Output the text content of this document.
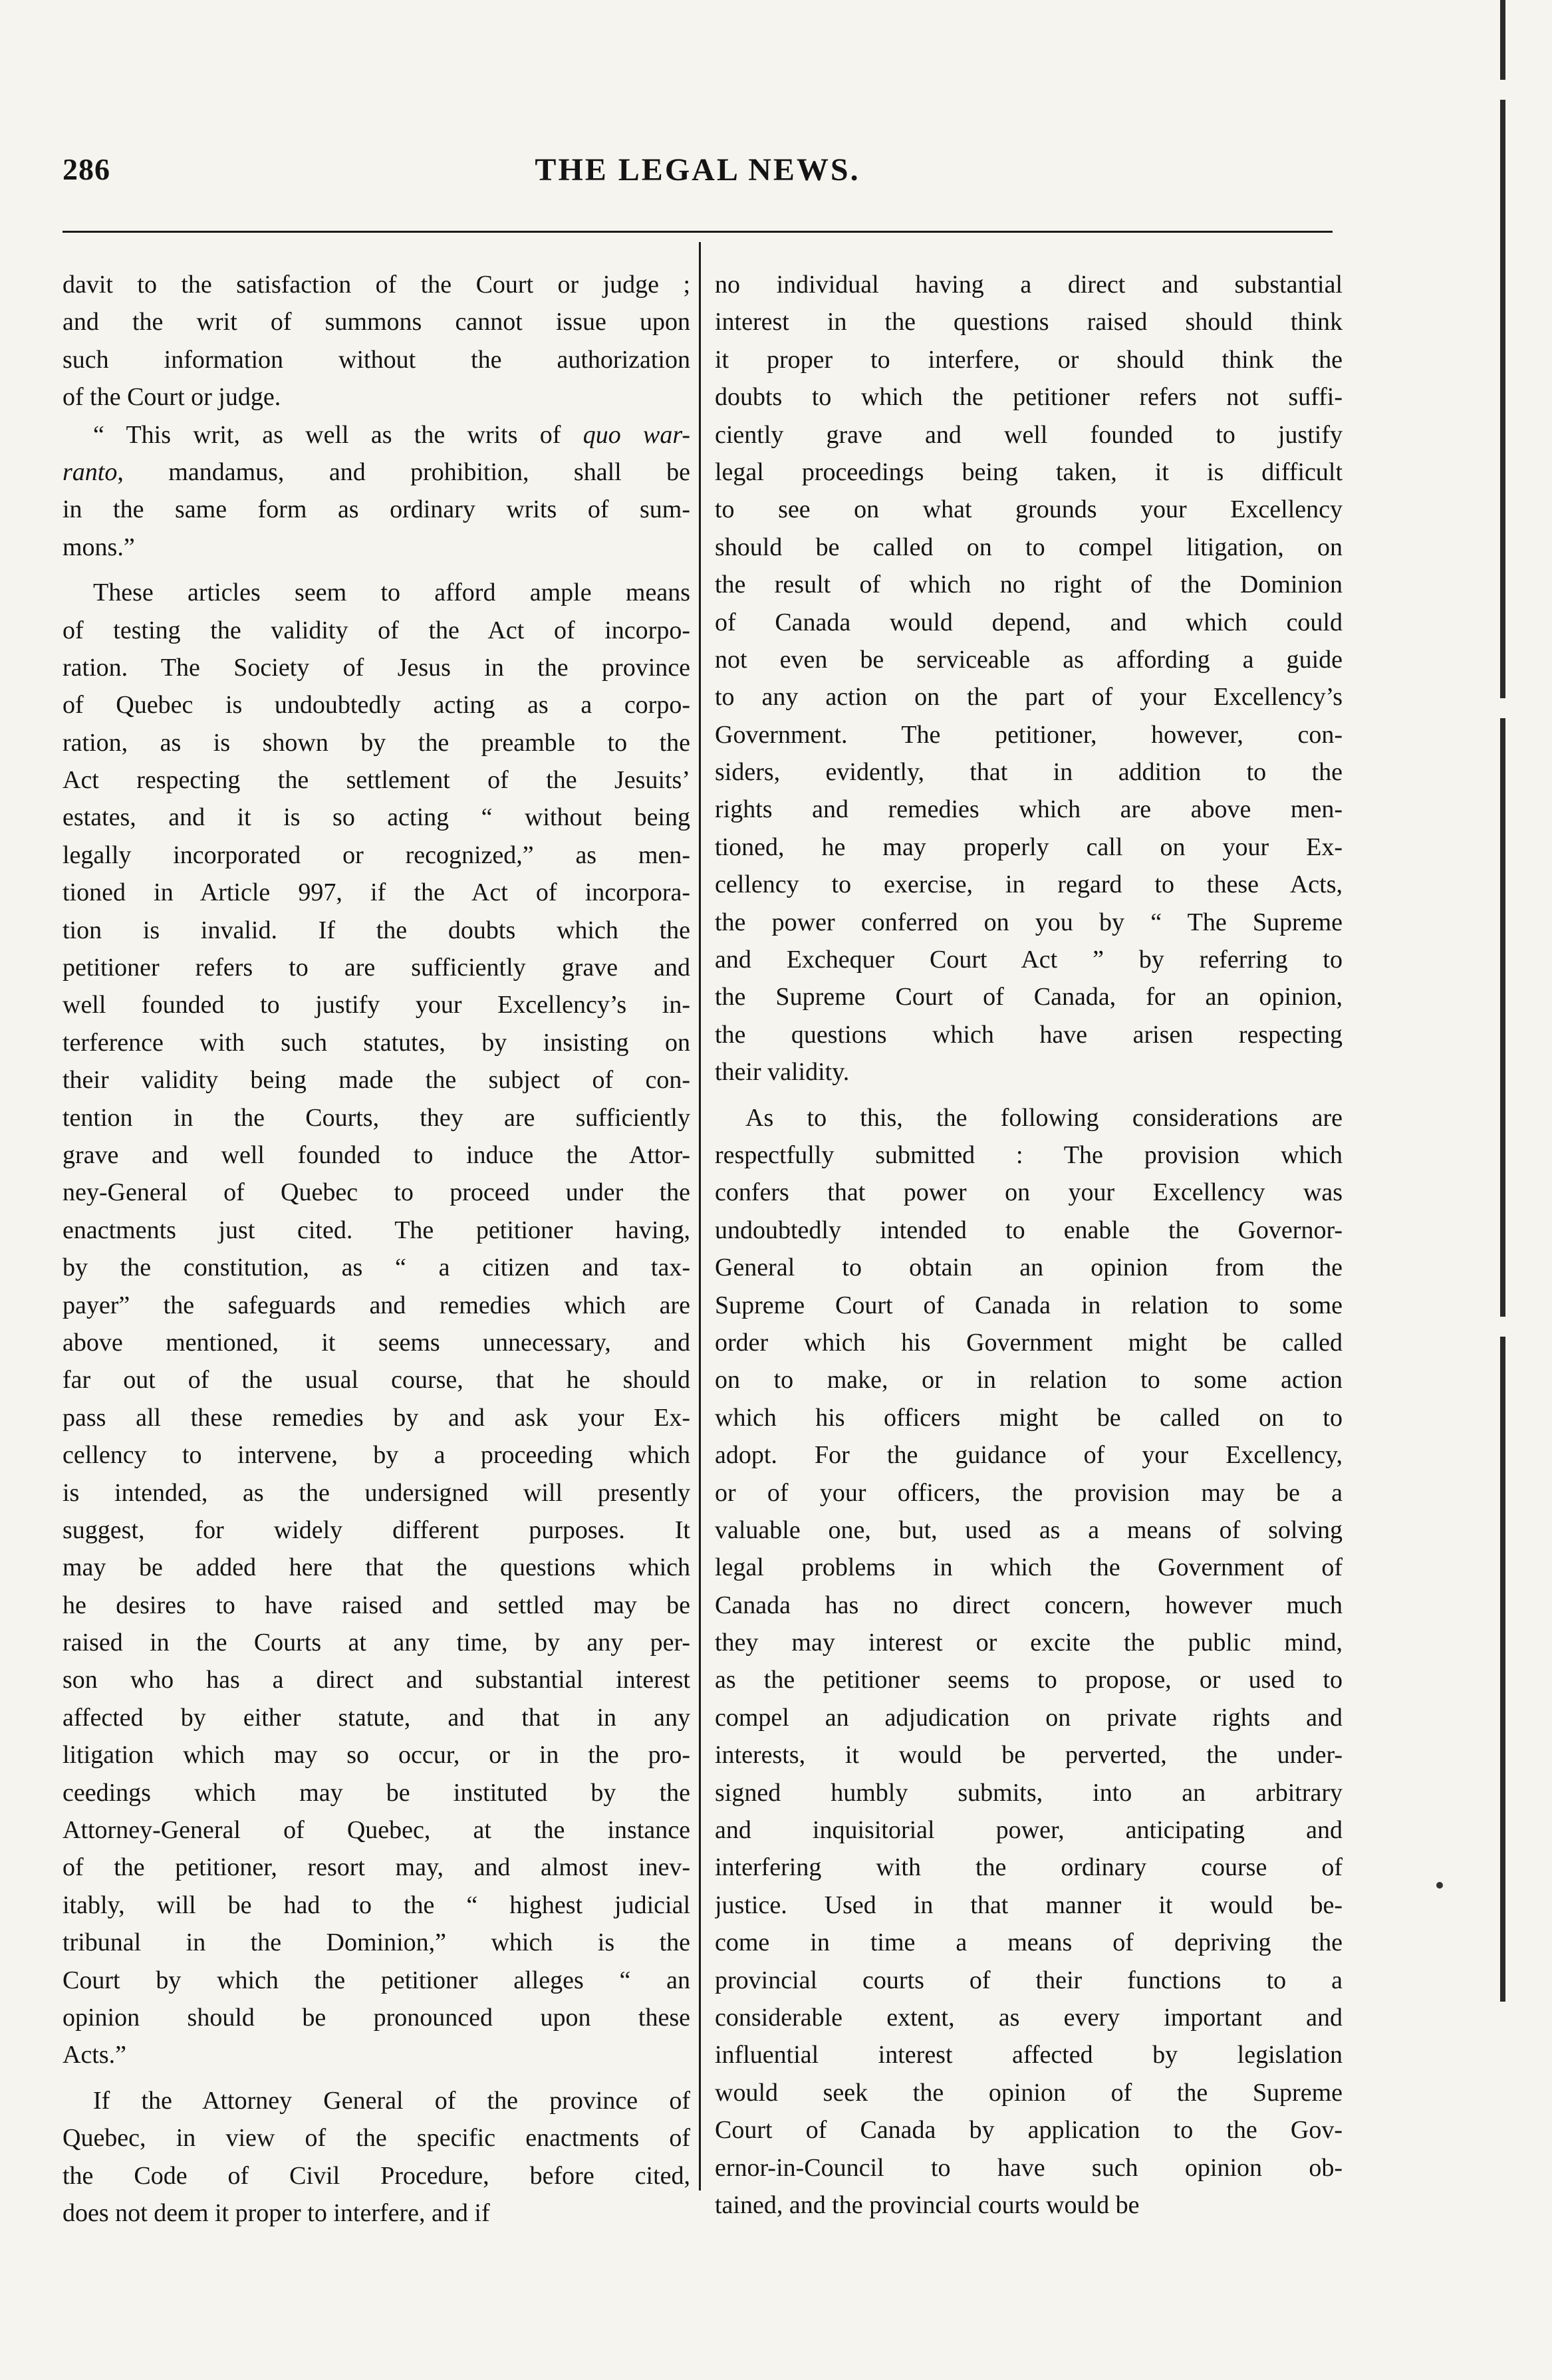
286	THE LEGAL NEWS.
davit to the satisfaction of the Court or judge ;
and the writ of summons cannot issue upon
such information without the authorization
of the Court or judge.
“ This writ, as well as the writs of quo war-
ranto, mandamus, and prohibition, shall be
in the same form as ordinary writs of sum-
mons.”
These articles seem to afford ample means
of testing the validity of the Act of incorpo-
ration. The Society of Jesus in the province
of Quebec is undoubtedly acting as a corpo-
ration, as is shown by the preamble to the
Act respecting the settlement of the Jesuits’
estates, and it is so acting “ without being
legally incorporated or recognized,” as men-
tioned in Article 997, if the Act of incorpora-
tion is invalid. If the doubts which the
petitioner refers to are sufficiently grave and
well founded to justify your Excellency’s in-
terference with such statutes, by insisting on
their validity being made the subject of con-
tention in the Courts, they are sufficiently
grave and well founded to induce the Attor-
ney-General of Quebec to proceed under the
enactments just cited. The petitioner having,
by the constitution, as “ a citizen and tax-
payer” the safeguards and remedies which are
above mentioned, it seems unnecessary, and
far out of the usual course, that he should
pass all these remedies by and ask your Ex-
cellency to intervene, by a proceeding which
is intended, as the undersigned will presently
suggest, for widely different purposes. It
may be added here that the questions which
he desires to have raised and settled may be
raised in the Courts at any time, by any per-
son who has a direct and substantial interest
affected by either statute, and that in any
litigation which may so occur, or in the pro-
ceedings which may be instituted by the
Attorney-General of Quebec, at the instance
of the petitioner, resort may, and almost inev-
itably, will be had to the “ highest judicial
tribunal in the Dominion,” which is the
Court by which the petitioner alleges “ an
opinion should be pronounced upon these
Acts.”
If the Attorney General of the province of
Quebec, in view of the specific enactments of
the Code of Civil Procedure, before cited,
does not deem it proper to interfere, and if
no individual having a direct and substantial
interest in the questions raised should think
it proper to interfere, or should think the
doubts to which the petitioner refers not suffi-
ciently grave and well founded to justify
legal proceedings being taken, it is difficult
to see on what grounds your Excellency
should be called on to compel litigation, on
the result of which no right of the Dominion
of Canada would depend, and which could
not even be serviceable as affording a guide
to any action on the part of your Excellency’s
Government. The petitioner, however, con-
siders, evidently, that in addition to the
rights and remedies which are above men-
tioned, he may properly call on your Ex-
cellency to exercise, in regard to these Acts,
the power conferred on you by “ The Supreme
and Exchequer Court Act ” by referring to
the Supreme Court of Canada, for an opinion,
the questions which have arisen respecting
their validity.
As to this, the following considerations are
respectfully submitted : The provision which
confers that power on your Excellency was
undoubtedly intended to enable the Governor-
General to obtain an opinion from the
Supreme Court of Canada in relation to some
order which his Government might be called
on to make, or in relation to some action
which his officers might be called on to
adopt. For the guidance of your Excellency,
or of your officers, the provision may be a
valuable one, but, used as a means of solving
legal problems in which the Government of
Canada has no direct concern, however much
they may interest or excite the public mind,
as the petitioner seems to propose, or used to
compel an adjudication on private rights and
interests, it would be perverted, the under-
signed humbly submits, into an arbitrary
and inquisitorial power, anticipating and
interfering with the ordinary course of
justice. Used in that manner it would be-
come in time a means of depriving the
provincial courts of their functions to a
considerable extent, as every important and
influential interest affected by legislation
would seek the opinion of the Supreme
Court of Canada by application to the Gov-
ernor-in-Council to have such opinion ob-
tained, and the provincial courts would be
